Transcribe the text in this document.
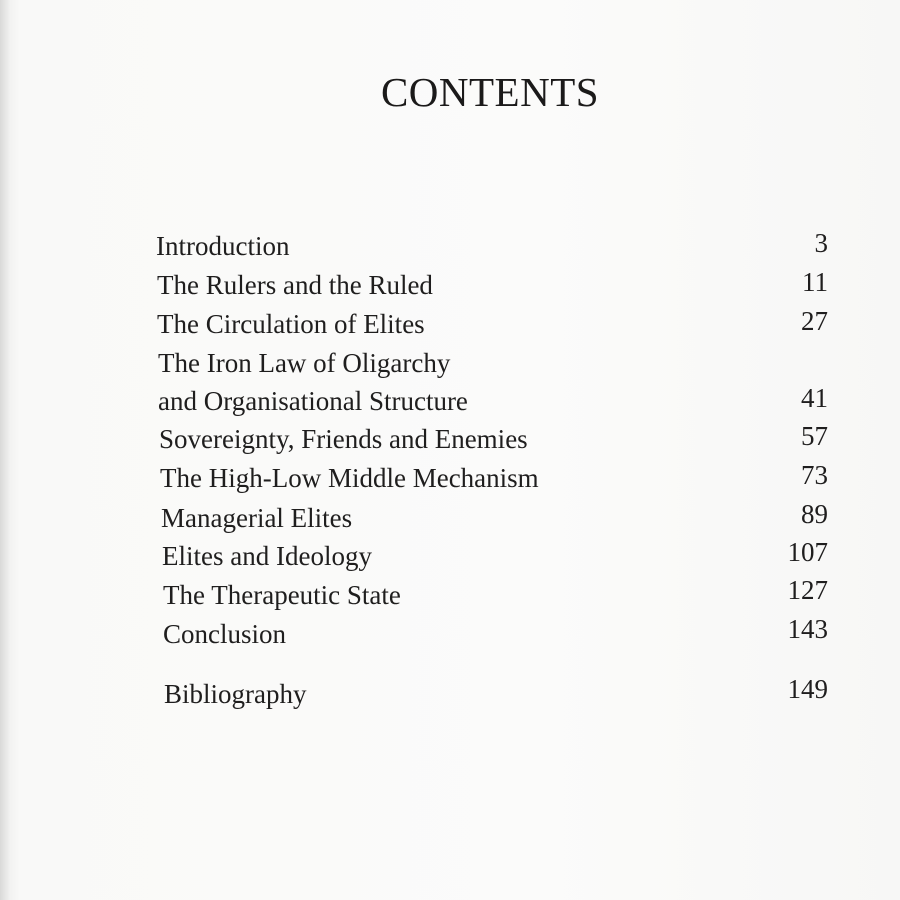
CONTENTS
Introduction	3
The Rulers and the Ruled	11
The Circulation of Elites	27
The Iron Law of Oligarchy
and Organisational Structure	41
Sovereignty, Friends and Enemies	57
The High-Low Middle Mechanism	73
Managerial Elites	89
Elites and Ideology	107
The Therapeutic State	127
Conclusion	143
Bibliography	149
